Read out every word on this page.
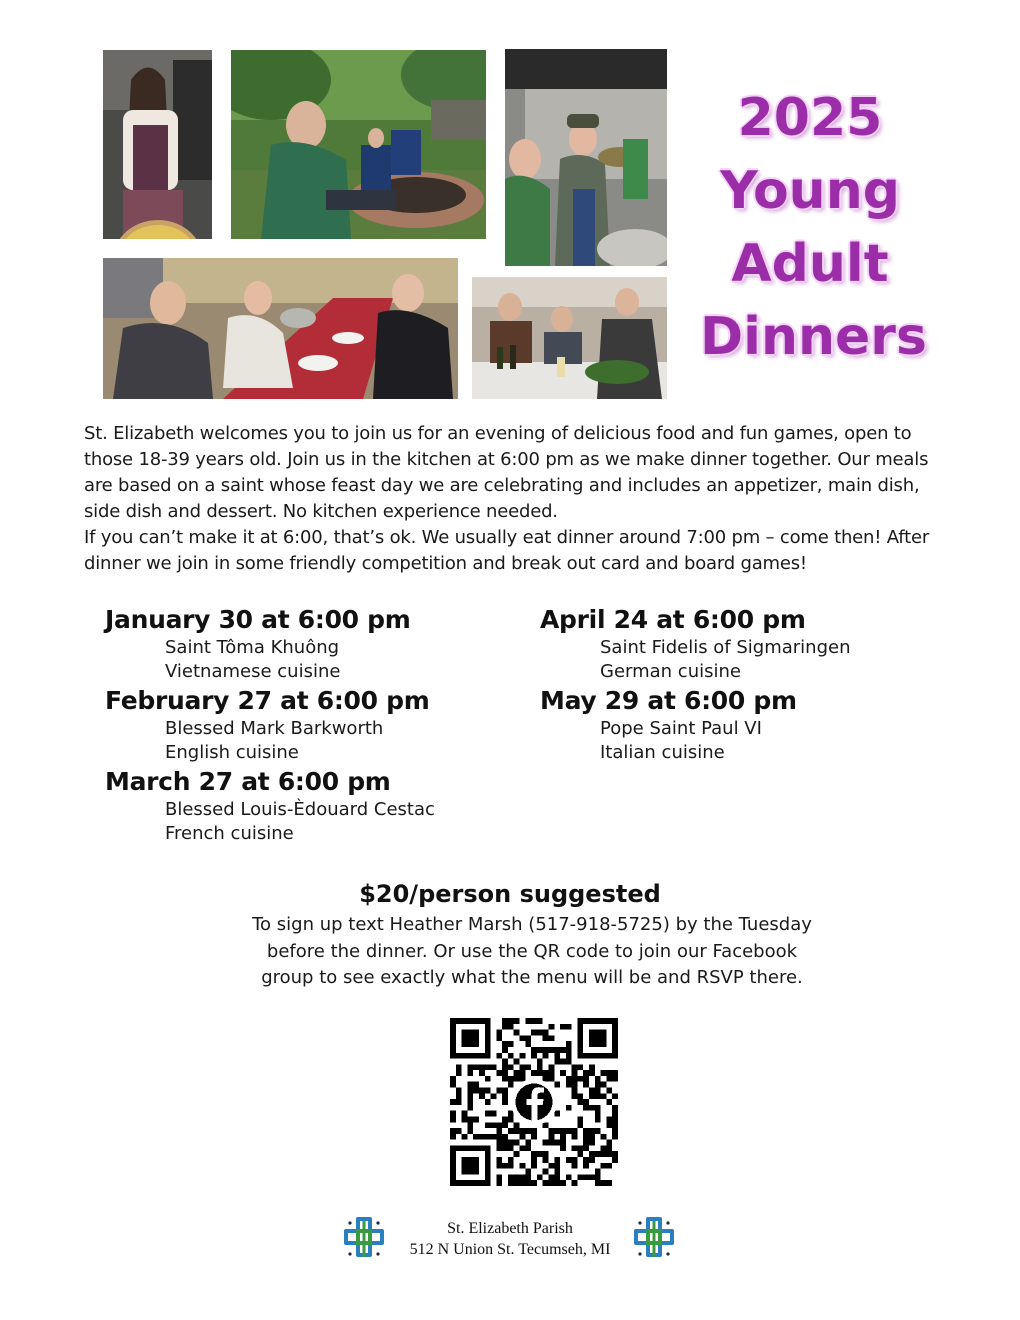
2025
Young
Adult
Dinners

St. Elizabeth welcomes you to join us for an evening of delicious food and fun games, open to those 18-39 years old. Join us in the kitchen at 6:00 pm as we make dinner together. Our meals are based on a saint whose feast day we are celebrating and includes an appetizer, main dish, side dish and dessert. No kitchen experience needed.

If you can’t make it at 6:00, that’s ok. We usually eat dinner around 7:00 pm – come then! After dinner we join in some friendly competition and break out card and board games!

January 30 at 6:00 pm
Saint Tôma Khuông
Vietnamese cuisine
February 27 at 6:00 pm
Blessed Mark Barkworth
English cuisine
March 27 at 6:00 pm
Blessed Louis-Èdouard Cestac
French cuisine
April 24 at 6:00 pm
Saint Fidelis of Sigmaringen
German cuisine
May 29 at 6:00 pm
Pope Saint Paul VI
Italian cuisine
$20/person suggested
To sign up text Heather Marsh (517-918-5725) by the Tuesday
before the dinner. Or use the QR code to join our Facebook
group to see exactly what the menu will be and RSVP there.
St. Elizabeth Parish
512 N Union St. Tecumseh, MI
